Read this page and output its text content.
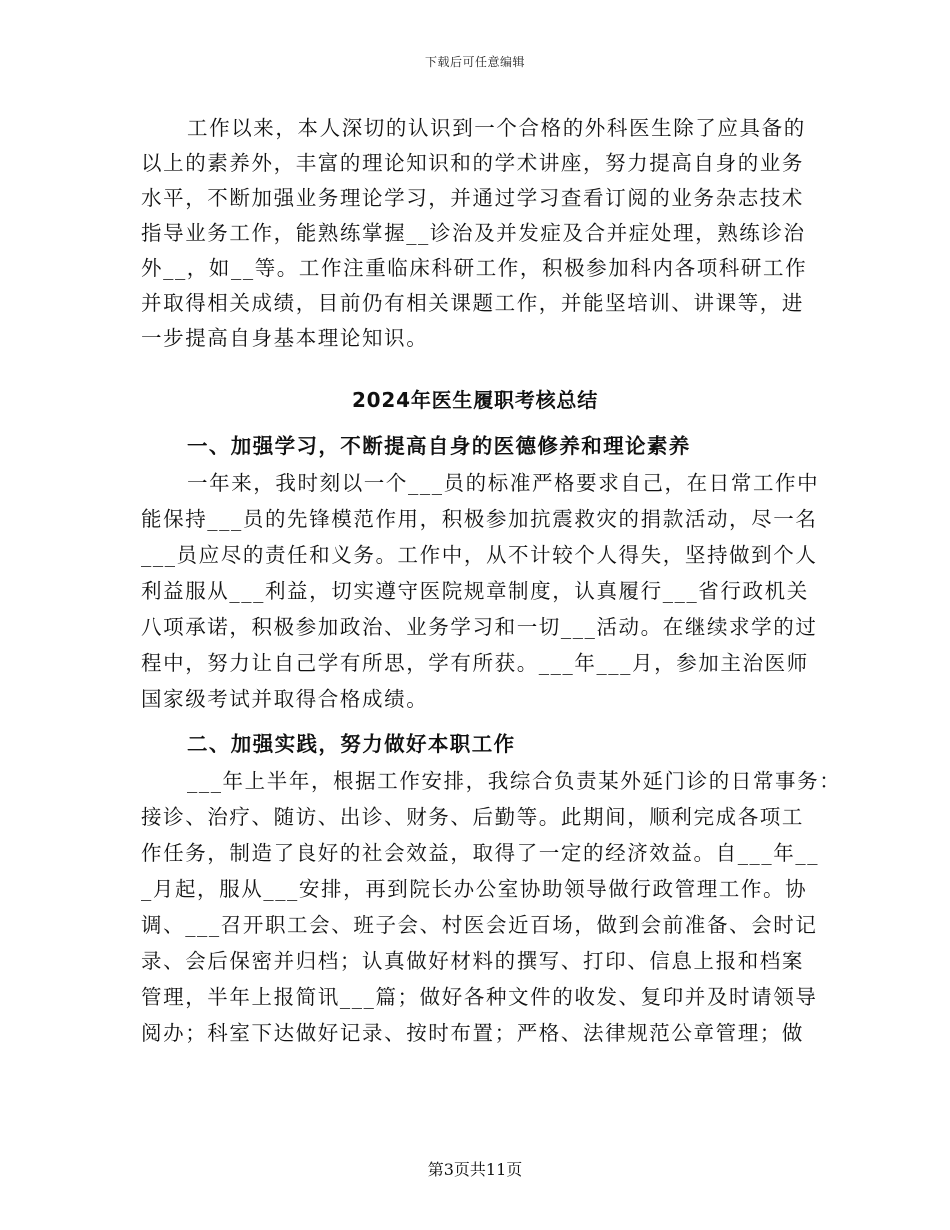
下载后可任意编辑
工作以来，本人深切的认识到一个合格的外科医生除了应具备的
以上的素养外，丰富的理论知识和的学术讲座，努力提高自身的业务
水平，不断加强业务理论学习，并通过学习查看订阅的业务杂志技术
指导业务工作，能熟练掌握__诊治及并发症及合并症处理，熟练诊治
外__，如__等。工作注重临床科研工作，积极参加科内各项科研工作
并取得相关成绩，目前仍有相关课题工作，并能坚培训、讲课等，进
一步提高自身基本理论知识。
2024年医生履职考核总结
一、加强学习，不断提高自身的医德修养和理论素养
一年来，我时刻以一个___员的标准严格要求自己，在日常工作中
能保持___员的先锋模范作用，积极参加抗震救灾的捐款活动，尽一名
___员应尽的责任和义务。工作中，从不计较个人得失，坚持做到个人
利益服从___利益，切实遵守医院规章制度，认真履行___省行政机关
八项承诺，积极参加政治、业务学习和一切___活动。在继续求学的过
程中，努力让自己学有所思，学有所获。___年___月，参加主治医师
国家级考试并取得合格成绩。
二、加强实践，努力做好本职工作
___年上半年，根据工作安排，我综合负责某外延门诊的日常事务：
接诊、治疗、随访、出诊、财务、后勤等。此期间，顺利完成各项工
作任务，制造了良好的社会效益，取得了一定的经济效益。自___年__
_月起，服从___安排，再到院长办公室协助领导做行政管理工作。协
调、___召开职工会、班子会、村医会近百场，做到会前准备、会时记
录、会后保密并归档；认真做好材料的撰写、打印、信息上报和档案
管理，半年上报简讯___篇；做好各种文件的收发、复印并及时请领导
阅办；科室下达做好记录、按时布置；严格、法律规范公章管理；做
第3页共11页
